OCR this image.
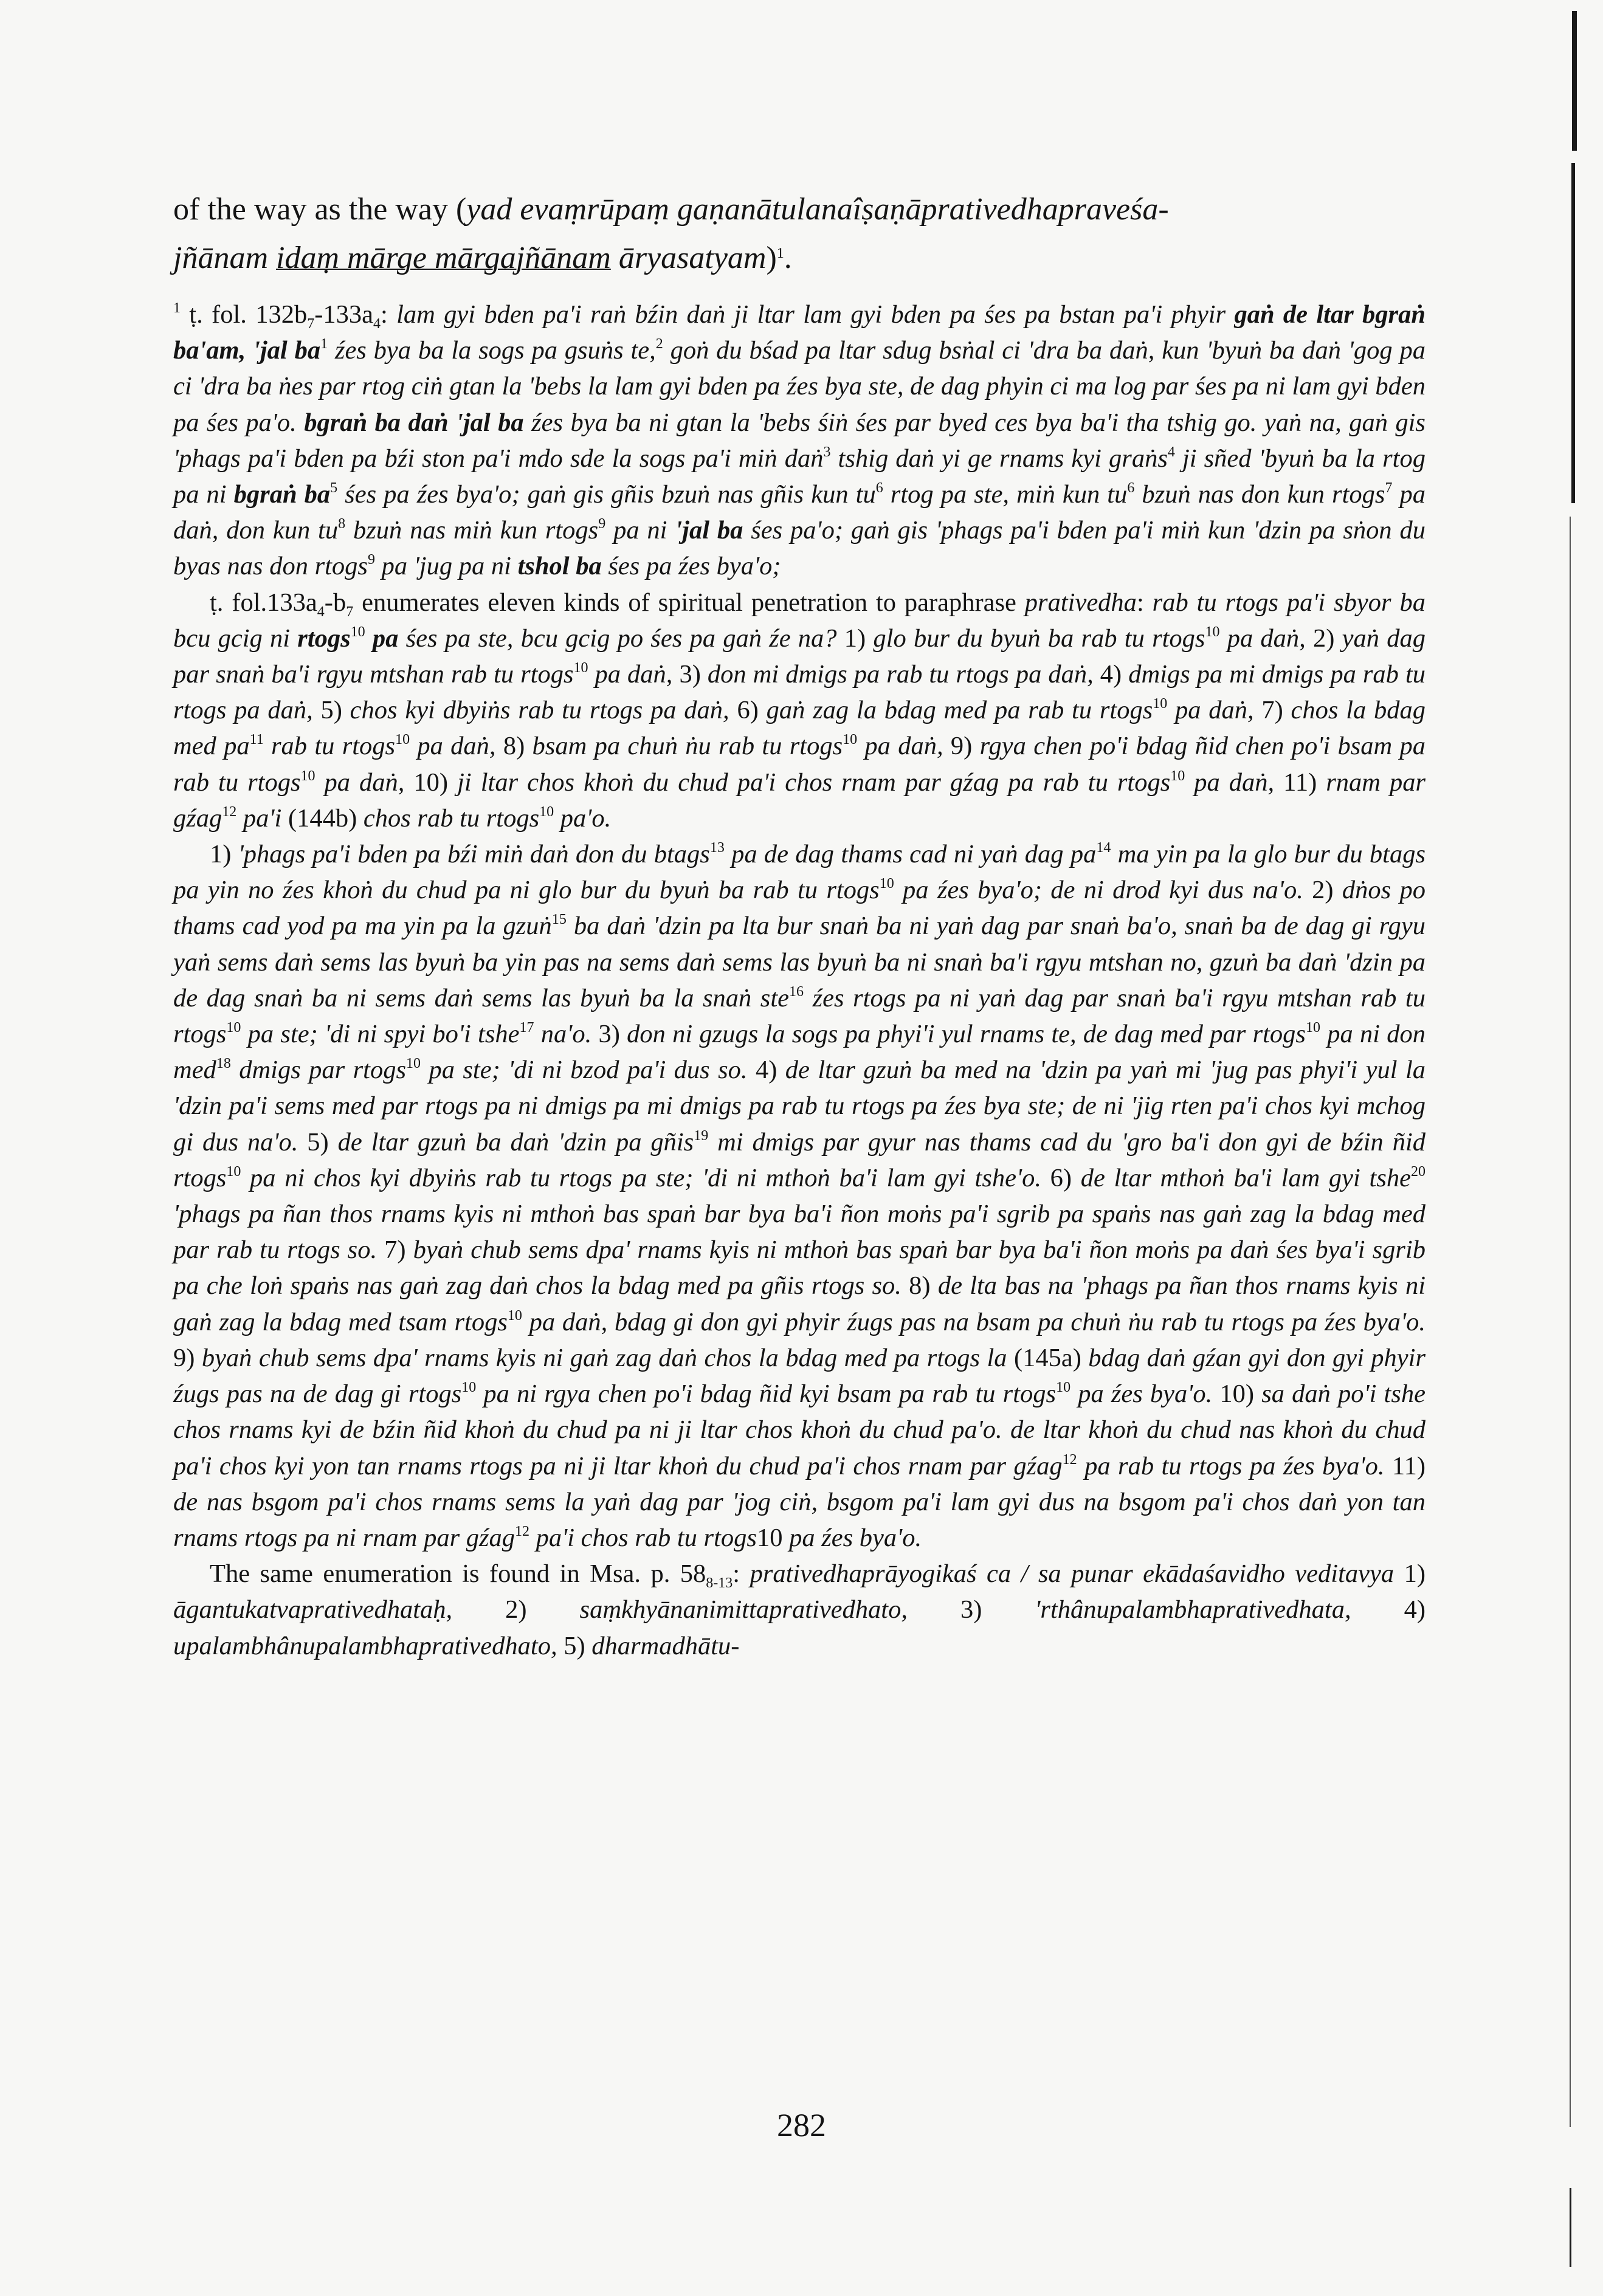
of the way as the way (yad evaṃrūpaṃ gaṇanātulanaîṣaṇāprativedhapraveśa-
jñānam idaṃ mārge mārgajñānam āryasatyam)$^1$.

$^1$ ṭ. fol. $132b_7-133a_4$: lam gyi bden pa'i raṅ bźin daṅ ji ltar lam gyi bden pa śes pa bstan pa'i phyir gaṅ de ltar bgraṅ ba'am, 'jal $ba^1$ źes bya ba la sogs pa gsuṅs te,$^2$ goṅ du bśad pa ltar sdug bsṅal ci 'dra ba daṅ, kun 'byuṅ ba daṅ 'gog pa ci 'dra ba ṅes par rtog ciṅ gtan la 'bebs la lam gyi bden pa źes bya ste, de dag phyin ci ma log par śes pa ni lam gyi bden pa śes pa'o. bgraṅ ba daṅ 'jal ba źes bya ba ni gtan la 'bebs śiṅ śes par byed ces bya ba'i tha tshig go. yaṅ na, gaṅ gis 'phags pa'i bden pa bźi ston pa'i mdo sde la sogs pa'i miṅ daṅ$^3$ tshig daṅ yi ge rnams kyi graṅs$^4$ ji sñed 'byuṅ ba la rtog pa ni bgraṅ $ba^5$ śes pa źes bya'o; gaṅ gis gñis bzuṅ nas gñis kun $tu^6$ rtog pa ste, miṅ kun $tu^6$ bzuṅ nas don kun rtogs$^7$ pa daṅ, don kun $tu^8$ bzuṅ nas miṅ kun rtogs$^9$ pa ni 'jal ba śes pa'o; gaṅ gis 'phags pa'i bden pa'i miṅ kun 'dzin pa sṅon du byas nas don rtogs$^9$ pa 'jug pa ni tshol ba śes pa źes bya'o;

ṭ. $fol.133a_4-b_7$ enumerates eleven kinds of spiritual penetration to paraphrase prativedha: rab tu rtogs pa'i sbyor ba bcu gcig ni rtogs$^{10}$ pa śes pa ste, bcu gcig po śes pa gaṅ źe na? 1) glo bur du byuṅ ba rab tu rtogs$^{10}$ pa daṅ, 2) yaṅ dag par snaṅ ba'i rgyu mtshan rab tu rtogs$^{10}$ pa daṅ, 3) don mi dmigs pa rab tu rtogs pa daṅ, 4) dmigs pa mi dmigs pa rab tu rtogs pa daṅ, 5) chos kyi dbyiṅs rab tu rtogs pa daṅ, 6) gaṅ zag la bdag med pa rab tu rtogs$^{10}$ pa daṅ, 7) chos la bdag med $pa^{11}$ rab tu rtogs$^{10}$ pa daṅ, 8) bsam pa chuṅ ṅu rab tu rtogs$^{10}$ pa daṅ, 9) rgya chen po'i bdag ñid chen po'i bsam pa rab tu rtogs$^{10}$ pa daṅ, 10) ji ltar chos khoṅ du chud pa'i chos rnam par gźag pa rab tu rtogs$^{10}$ pa daṅ, 11) rnam par gźag$^{12}$ pa'i (144b) chos rab tu rtogs$^{10}$ pa'o.

1) 'phags pa'i bden pa bźi miṅ daṅ don du btags$^{13}$ pa de dag thams cad ni yaṅ dag $pa^{14}$ ma yin pa la glo bur du btags pa yin no źes khoṅ du chud pa ni glo bur du byuṅ ba rab tu rtogs$^{10}$ pa źes bya'o; de ni drod kyi dus na'o. 2) dṅos po thams cad yod pa ma yin pa la gzuṅ$^{15}$ ba daṅ 'dzin pa lta bur snaṅ ba ni yaṅ dag par snaṅ ba'o, snaṅ ba de dag gi rgyu yaṅ sems daṅ sems las byuṅ ba yin pas na sems daṅ sems las byuṅ ba ni snaṅ ba'i rgyu mtshan no, gzuṅ ba daṅ 'dzin pa de dag snaṅ ba ni sems daṅ sems las byuṅ ba la snaṅ ste$^{16}$ źes rtogs pa ni yaṅ dag par snaṅ ba'i rgyu mtshan rab tu rtogs$^{10}$ pa ste; 'di ni spyi bo'i tshe$^{17}$ na'o. 3) don ni gzugs la sogs pa phyi'i yul rnams te, de dag med par rtogs$^{10}$ pa ni don med$^{18}$ dmigs par rtogs$^{10}$ pa ste; 'di ni bzod pa'i dus so. 4) de ltar gzuṅ ba med na 'dzin pa yaṅ mi 'jug pas phyi'i yul la 'dzin pa'i sems med par rtogs pa ni dmigs pa mi dmigs pa rab tu rtogs pa źes bya ste; de ni 'jig rten pa'i chos kyi mchog gi dus na'o. 5) de ltar gzuṅ ba daṅ 'dzin pa gñis$^{19}$ mi dmigs par gyur nas thams cad du 'gro ba'i don gyi de bźin ñid rtogs$^{10}$ pa ni chos kyi dbyiṅs rab tu rtogs pa ste; 'di ni mthoṅ ba'i lam gyi tshe'o. 6) de ltar mthoṅ ba'i lam gyi tshe$^{20}$ 'phags pa ñan thos rnams kyis ni mthoṅ bas spaṅ bar bya ba'i ñon moṅs pa'i sgrib pa spaṅs nas gaṅ zag la bdag med par rab tu rtogs so. 7) byaṅ chub sems dpa' rnams kyis ni mthoṅ bas spaṅ bar bya ba'i ñon moṅs pa daṅ śes bya'i sgrib pa che loṅ spaṅs nas gaṅ zag daṅ chos la bdag med pa gñis rtogs so. 8) de lta bas na 'phags pa ñan thos rnams kyis ni gaṅ zag la bdag med tsam rtogs$^{10}$ pa daṅ, bdag gi don gyi phyir źugs pas na bsam pa chuṅ ṅu rab tu rtogs pa źes bya'o. 9) byaṅ chub sems dpa' rnams kyis ni gaṅ zag daṅ chos la bdag med pa rtogs la (145a) bdag daṅ gźan gyi don gyi phyir źugs pas na de dag gi rtogs$^{10}$ pa ni rgya chen po'i bdag ñid kyi bsam pa rab tu rtogs$^{10}$ pa źes bya'o. 10) sa daṅ po'i tshe chos rnams kyi de bźin ñid khoṅ du chud pa ni ji ltar chos khoṅ du chud pa'o. de ltar khoṅ du chud nas khoṅ du chud pa'i chos kyi yon tan rnams rtogs pa ni ji ltar khoṅ du chud pa'i chos rnam par gźag$^{12}$ pa rab tu rtogs pa źes bya'o. 11) de nas bsgom pa'i chos rnams sems la yaṅ dag par 'jog ciṅ, bsgom pa'i lam gyi dus na bsgom pa'i chos daṅ yon tan rnams rtogs pa ni rnam par gźag$^{12}$ pa'i chos rab tu rtogs10 pa źes bya'o.

The same enumeration is found in Msa. p. $58_{8-13}$: prativedhaprāyogikaś ca / sa punar ekādaśavidho veditavya 1) āgantukatvaprativedhataḥ, 2) saṃkhyānanimittaprativedhato, 3) 'rthânupalambhaprativedhata, 4) upalambhânupalambhaprativedhato, 5) dharmadhātu-

282
